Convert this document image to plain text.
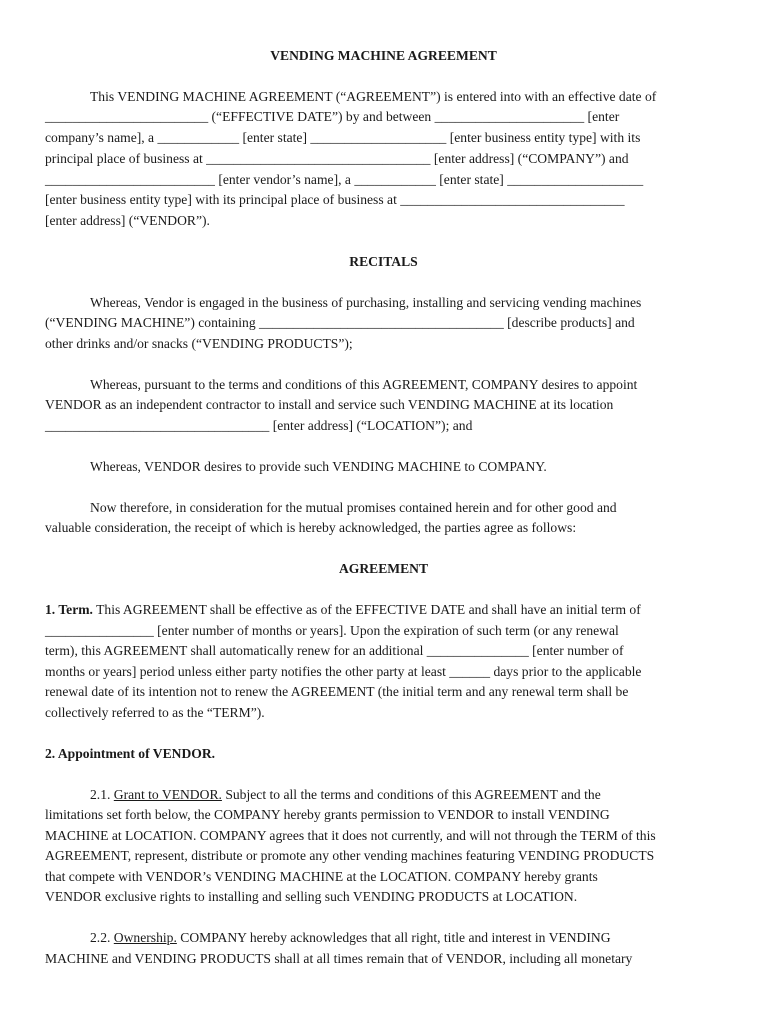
VENDING MACHINE AGREEMENT
This VENDING MACHINE AGREEMENT (“AGREEMENT”) is entered into with an effective date of
________________________ (“EFFECTIVE DATE”) by and between ______________________ [enter
company’s name], a ____________ [enter state] ____________________ [enter business entity type] with its
principal place of business at _________________________________ [enter address] (“COMPANY”) and
_________________________ [enter vendor’s name], a ____________ [enter state] ____________________
[enter business entity type] with its principal place of business at _________________________________
[enter address] (“VENDOR”).
RECITALS
Whereas, Vendor is engaged in the business of purchasing, installing and servicing vending machines
(“VENDING MACHINE”) containing ____________________________________ [describe products] and
other drinks and/or snacks (“VENDING PRODUCTS”);
Whereas, pursuant to the terms and conditions of this AGREEMENT, COMPANY desires to appoint
VENDOR as an independent contractor to install and service such VENDING MACHINE at its location
_________________________________ [enter address] (“LOCATION”); and
Whereas, VENDOR desires to provide such VENDING MACHINE to COMPANY.
Now therefore, in consideration for the mutual promises contained herein and for other good and
valuable consideration, the receipt of which is hereby acknowledged, the parties agree as follows:
AGREEMENT
1. Term. This AGREEMENT shall be effective as of the EFFECTIVE DATE and shall have an initial term of
________________ [enter number of months or years]. Upon the expiration of such term (or any renewal
term), this AGREEMENT shall automatically renew for an additional _______________ [enter number of
months or years] period unless either party notifies the other party at least ______ days prior to the applicable
renewal date of its intention not to renew the AGREEMENT (the initial term and any renewal term shall be
collectively referred to as the “TERM”).
2. Appointment of VENDOR.
2.1. Grant to VENDOR. Subject to all the terms and conditions of this AGREEMENT and the
limitations set forth below, the COMPANY hereby grants permission to VENDOR to install VENDING
MACHINE at LOCATION. COMPANY agrees that it does not currently, and will not through the TERM of this
AGREEMENT, represent, distribute or promote any other vending machines featuring VENDING PRODUCTS
that compete with VENDOR’s VENDING MACHINE at the LOCATION. COMPANY hereby grants
VENDOR exclusive rights to installing and selling such VENDING PRODUCTS at LOCATION.
2.2. Ownership. COMPANY hereby acknowledges that all right, title and interest in VENDING
MACHINE and VENDING PRODUCTS shall at all times remain that of VENDOR, including all monetary
